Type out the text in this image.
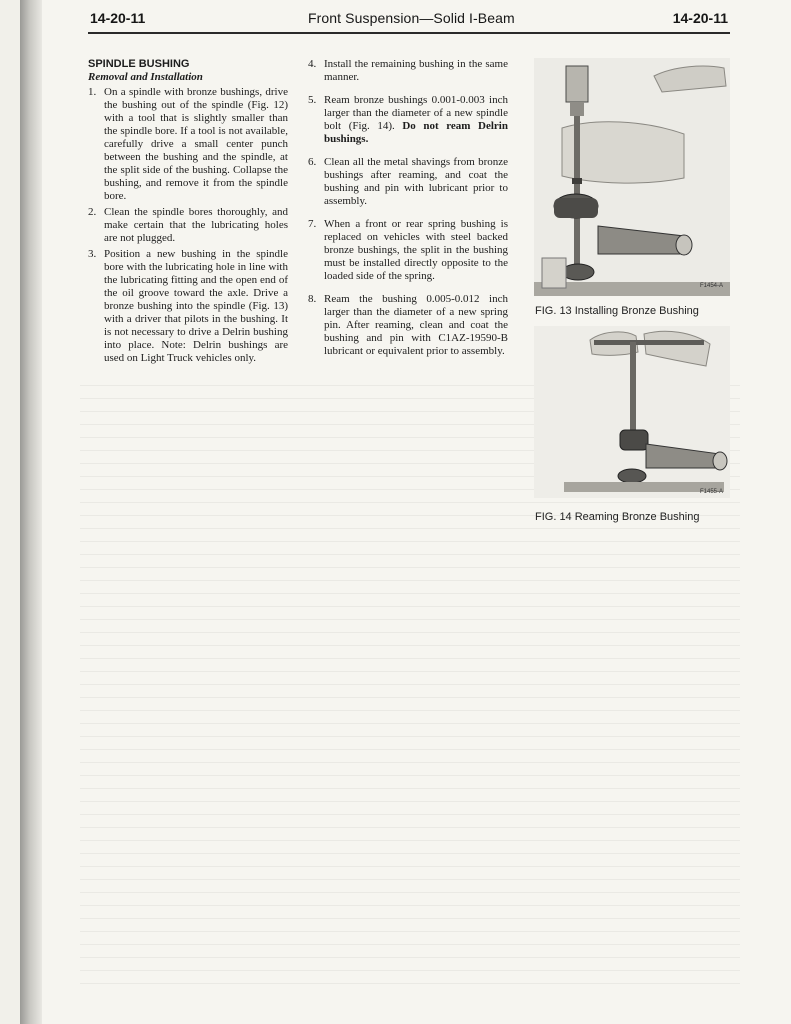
14-20-11	Front Suspension—Solid I-Beam	14-20-11

SPINDLE BUSHING

Removal and Installation

1. On a spindle with bronze bushings, drive the bushing out of the spindle (Fig. 12) with a tool that is slightly smaller than the spindle bore. If a tool is not available, carefully drive a small center punch between the bushing and the spindle, at the split side of the bushing. Collapse the bushing, and remove it from the spindle bore.
2. Clean the spindle bores thoroughly, and make certain that the lubricating holes are not plugged.
3. Position a new bushing in the spindle bore with the lubricating hole in line with the lubricating fitting and the open end of the oil groove toward the axle. Drive a bronze bushing into the spindle (Fig. 13) with a driver that pilots in the bushing. It is not necessary to drive a Delrin bushing into place. Note: Delrin bushings are used on Light Truck vehicles only.
4. Install the remaining bushing in the same manner.
5. Ream bronze bushings 0.001-0.003 inch larger than the diameter of a new spindle bolt (Fig. 14). Do not ream Delrin bushings.
6. Clean all the metal shavings from bronze bushings after reaming, and coat the bushing and pin with lubricant prior to assembly.
7. When a front or rear spring bushing is replaced on vehicles with steel backed bronze bushings, the split in the bushing must be installed directly opposite to the loaded side of the spring.
8. Ream the bushing 0.005-0.012 inch larger than the diameter of a new spring pin. After reaming, clean and coat the bushing and pin with C1AZ-19590-B lubricant or equivalent prior to assembly.
F1454-A
FIG. 13 Installing Bronze Bushing
F1455-A
FIG. 14 Reaming Bronze Bushing
